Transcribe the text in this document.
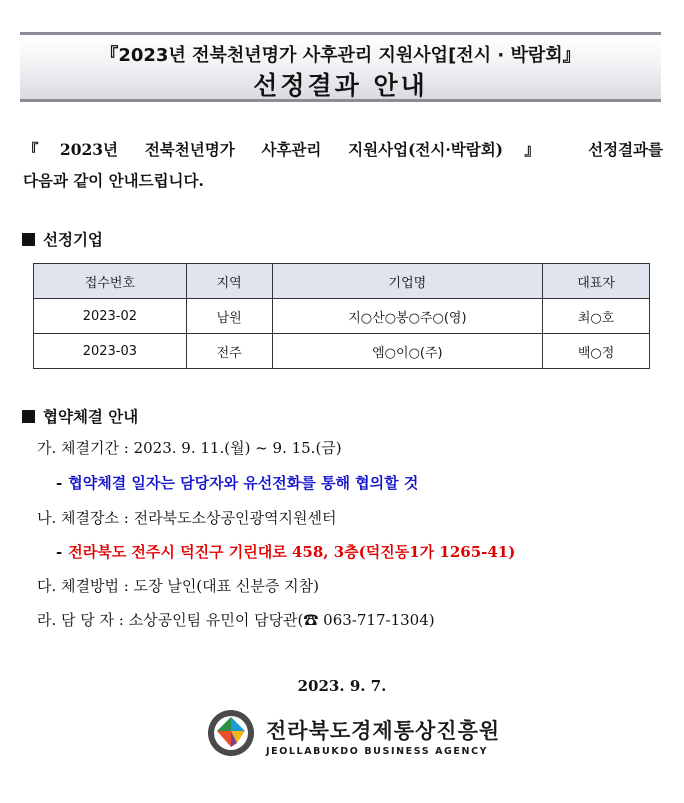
『2023년 전북천년명가 사후관리 지원사업[전시 · 박람회』
선정결과 안내
『2023년 전북천년명가 사후관리 지원사업(전시·박람회)』 선정결과를
다음과 같이 안내드립니다.
선정기업
접수번호	지역	기업명	대표자
2023-02	남원	지○산○봉○주○(영)	최○호
2023-03	전주	엠○이○(주)	백○정
협약체결 안내
가. 체결기간 : 2023. 9. 11.(월) ~ 9. 15.(금)
- 협약체결 일자는 담당자와 유선전화를 통해 협의할 것
나. 체결장소 : 전라북도소상공인광역지원센터
- 전라북도 전주시 덕진구 기린대로 458, 3층(덕진동1가 1265-41)
다. 체결방법 : 도장 날인(대표 신분증 지참)
라. 담 당 자 : 소상공인팀 유민이 담당관(☎ 063-717-1304)
2023. 9. 7.
전라북도경제통상진흥원
JEOLLABUKDO BUSINESS AGENCY
